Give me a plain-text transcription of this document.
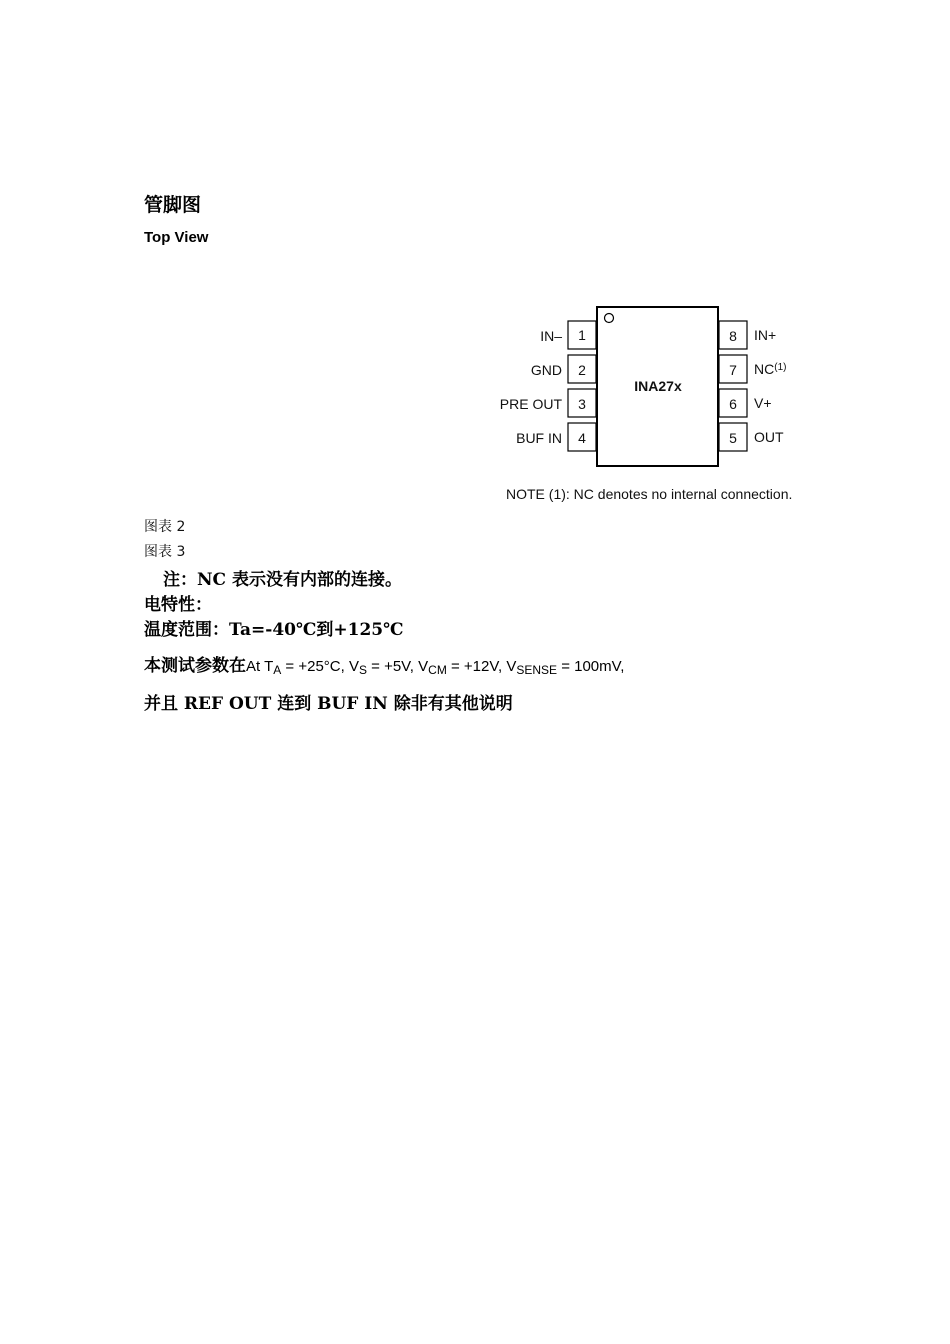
管脚图
Top View
INA27x
1
IN–
2
GND
3
PRE OUT
4
BUF IN
8 IN+
7 NC$^{(1)}$
6 V+
5 OUT
NOTE (1): NC denotes no internal connection.
图表 2
图表 3
注：NC 表示没有内部的连接。
电特性：
温度范围：Ta=-40℃到+125℃
本测试参数在At $T_A = +25^\circ C$, $V_S = +5V$, $V_{CM} = +12V$, $V_{SENSE} = 100mV$,
并且 REF OUT 连到 BUF IN 除非有其他说明
